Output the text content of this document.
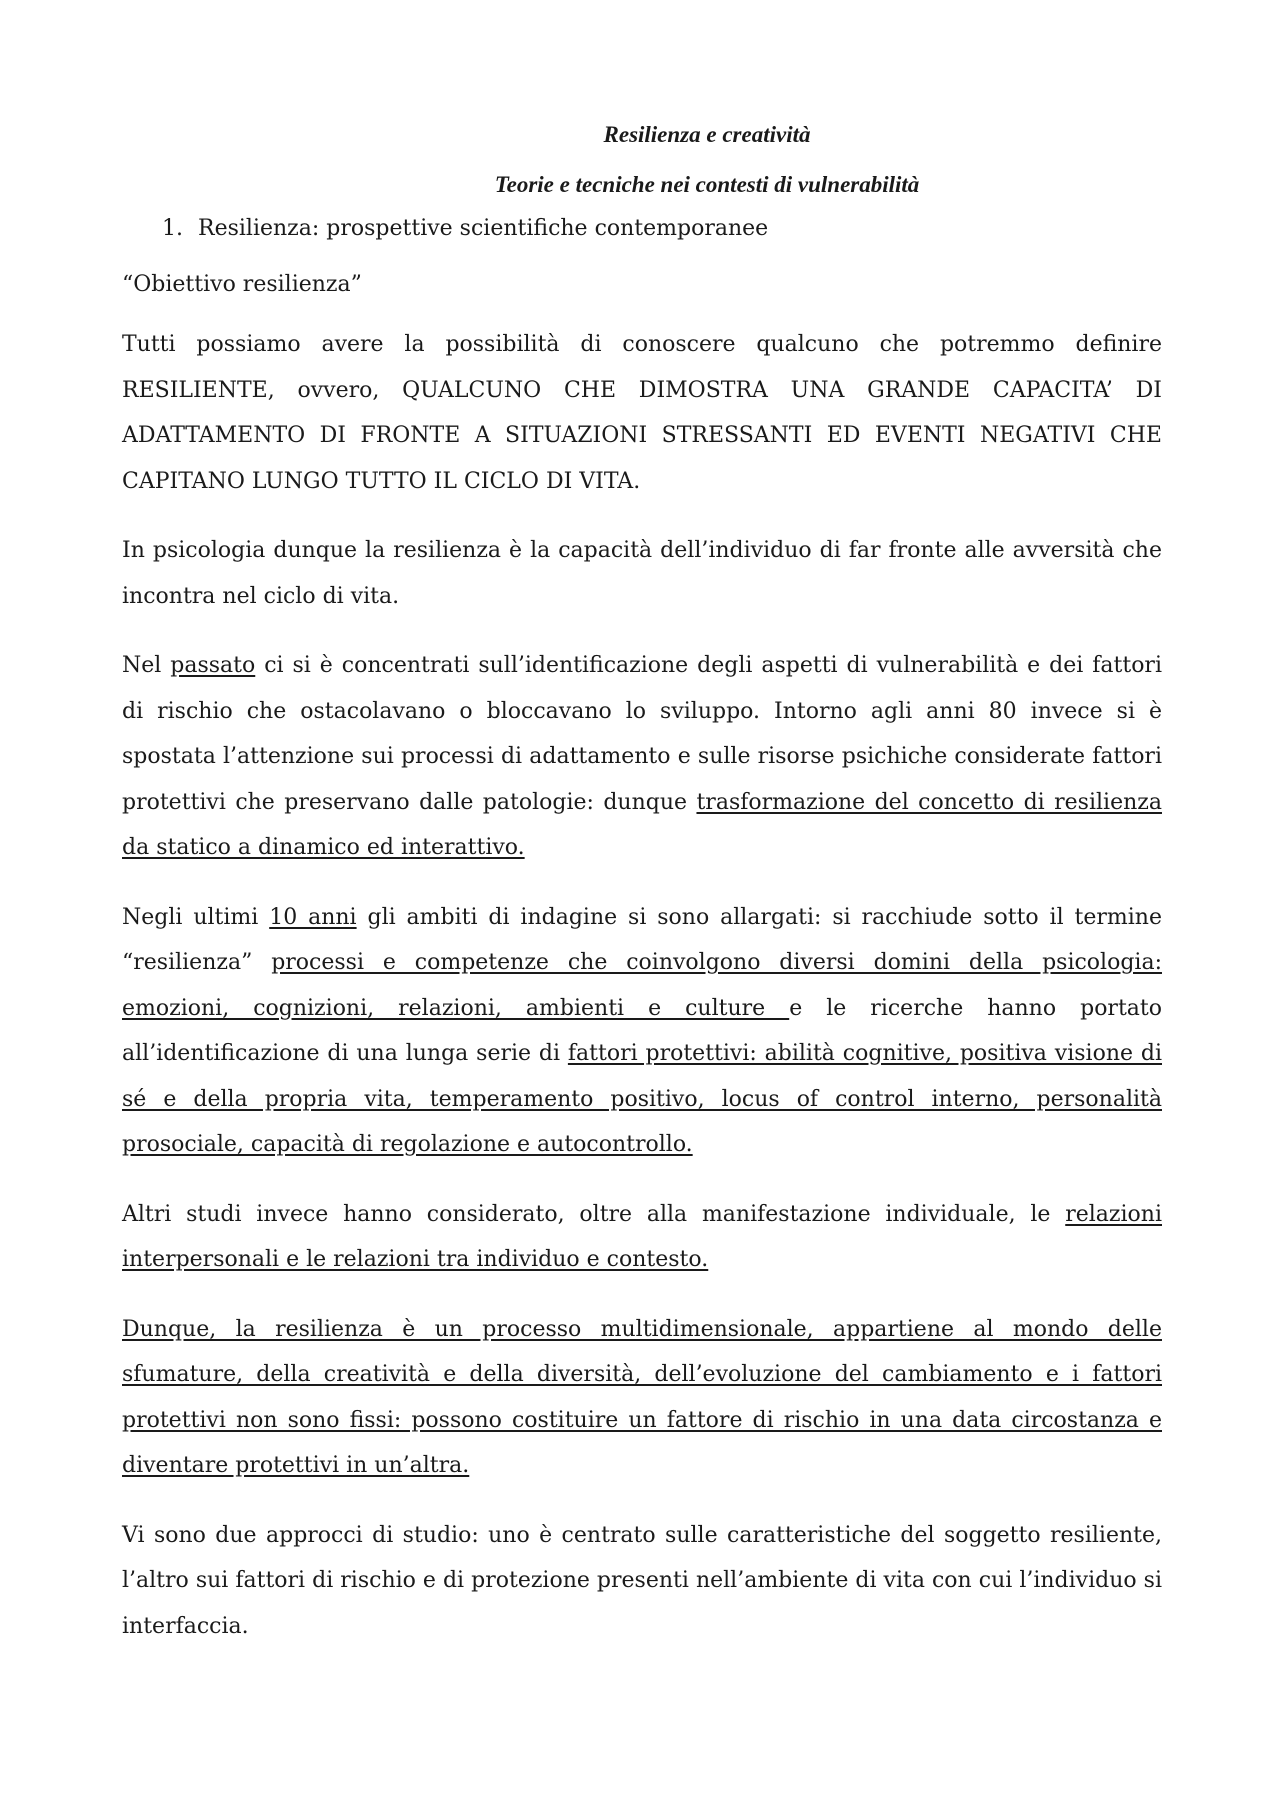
Resilienza e creatività
Teorie e tecniche nei contesti di vulnerabilità
1. Resilienza: prospettive scientifiche contemporanee
“Obiettivo resilienza”

Tutti possiamo avere la possibilità di conoscere qualcuno che potremmo definire RESILIENTE, ovvero, QUALCUNO CHE DIMOSTRA UNA GRANDE CAPACITA’ DI ADATTAMENTO DI FRONTE A SITUAZIONI STRESSANTI ED EVENTI NEGATIVI CHE CAPITANO LUNGO TUTTO IL CICLO DI VITA.

In psicologia dunque la resilienza è la capacità dell’individuo di far fronte alle avversità che incontra nel ciclo di vita.

Nel passato ci si è concentrati sull’identificazione degli aspetti di vulnerabilità e dei fattori di rischio che ostacolavano o bloccavano lo sviluppo. Intorno agli anni 80 invece si è spostata l’attenzione sui processi di adattamento e sulle risorse psichiche considerate fattori protettivi che preservano dalle patologie: dunque trasformazione del concetto di resilienza da statico a dinamico ed interattivo.

Negli ultimi 10 anni gli ambiti di indagine si sono allargati: si racchiude sotto il termine “resilienza” processi e competenze che coinvolgono diversi domini della psicologia: emozioni, cognizioni, relazioni, ambienti e culture e le ricerche hanno portato all’identificazione di una lunga serie di fattori protettivi: abilità cognitive, positiva visione di sé e della propria vita, temperamento positivo, locus of control interno, personalità prosociale, capacità di regolazione e autocontrollo.

Altri studi invece hanno considerato, oltre alla manifestazione individuale, le relazioni interpersonali e le relazioni tra individuo e contesto.

Dunque, la resilienza è un processo multidimensionale, appartiene al mondo delle sfumature, della creatività e della diversità, dell’evoluzione del cambiamento e i fattori protettivi non sono fissi: possono costituire un fattore di rischio in una data circostanza e diventare protettivi in un’altra.

Vi sono due approcci di studio: uno è centrato sulle caratteristiche del soggetto resiliente, l’altro sui fattori di rischio e di protezione presenti nell’ambiente di vita con cui l’individuo si interfaccia.
